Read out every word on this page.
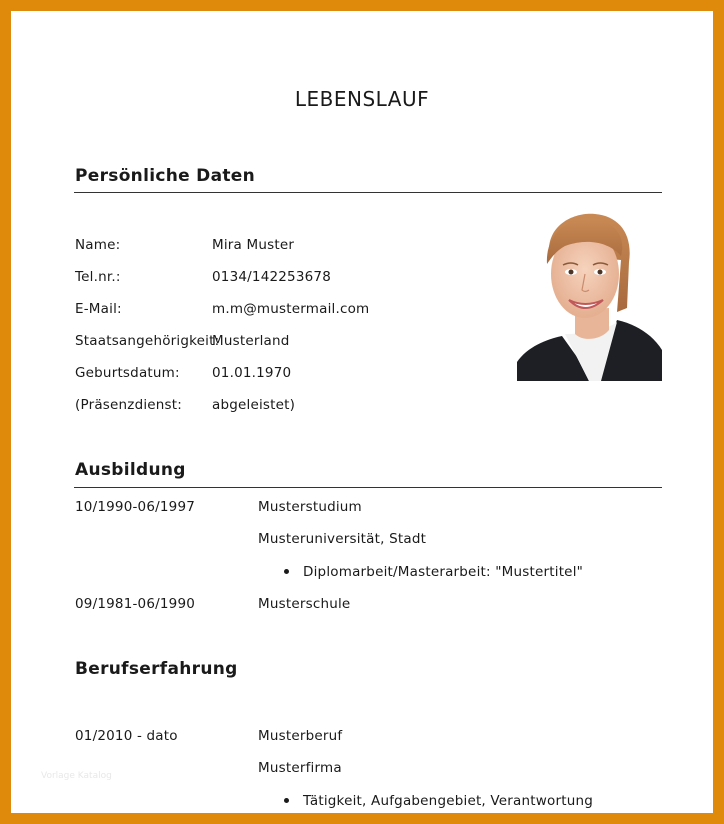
LEBENSLAUF
Persönliche Daten
Name:	Mira Muster
Tel.nr.:	0134/142253678
E-Mail:	m.m@mustermail.com
Staatsangehörigkeit:
Musterland
Geburtsdatum: 01.01.1970
(Präsenzdienst: abgeleistet)
Ausbildung
10/1990-06/1997	Musterstudium
Musteruniversität, Stadt
Diplomarbeit/Masterarbeit: "Mustertitel"
09/1981-06/1990	Musterschule
Berufserfahrung
01/2010 - dato	Musterberuf
Musterfirma
Tätigkeit, Aufgabengebiet, Verantwortung
Vorlage Katalog
